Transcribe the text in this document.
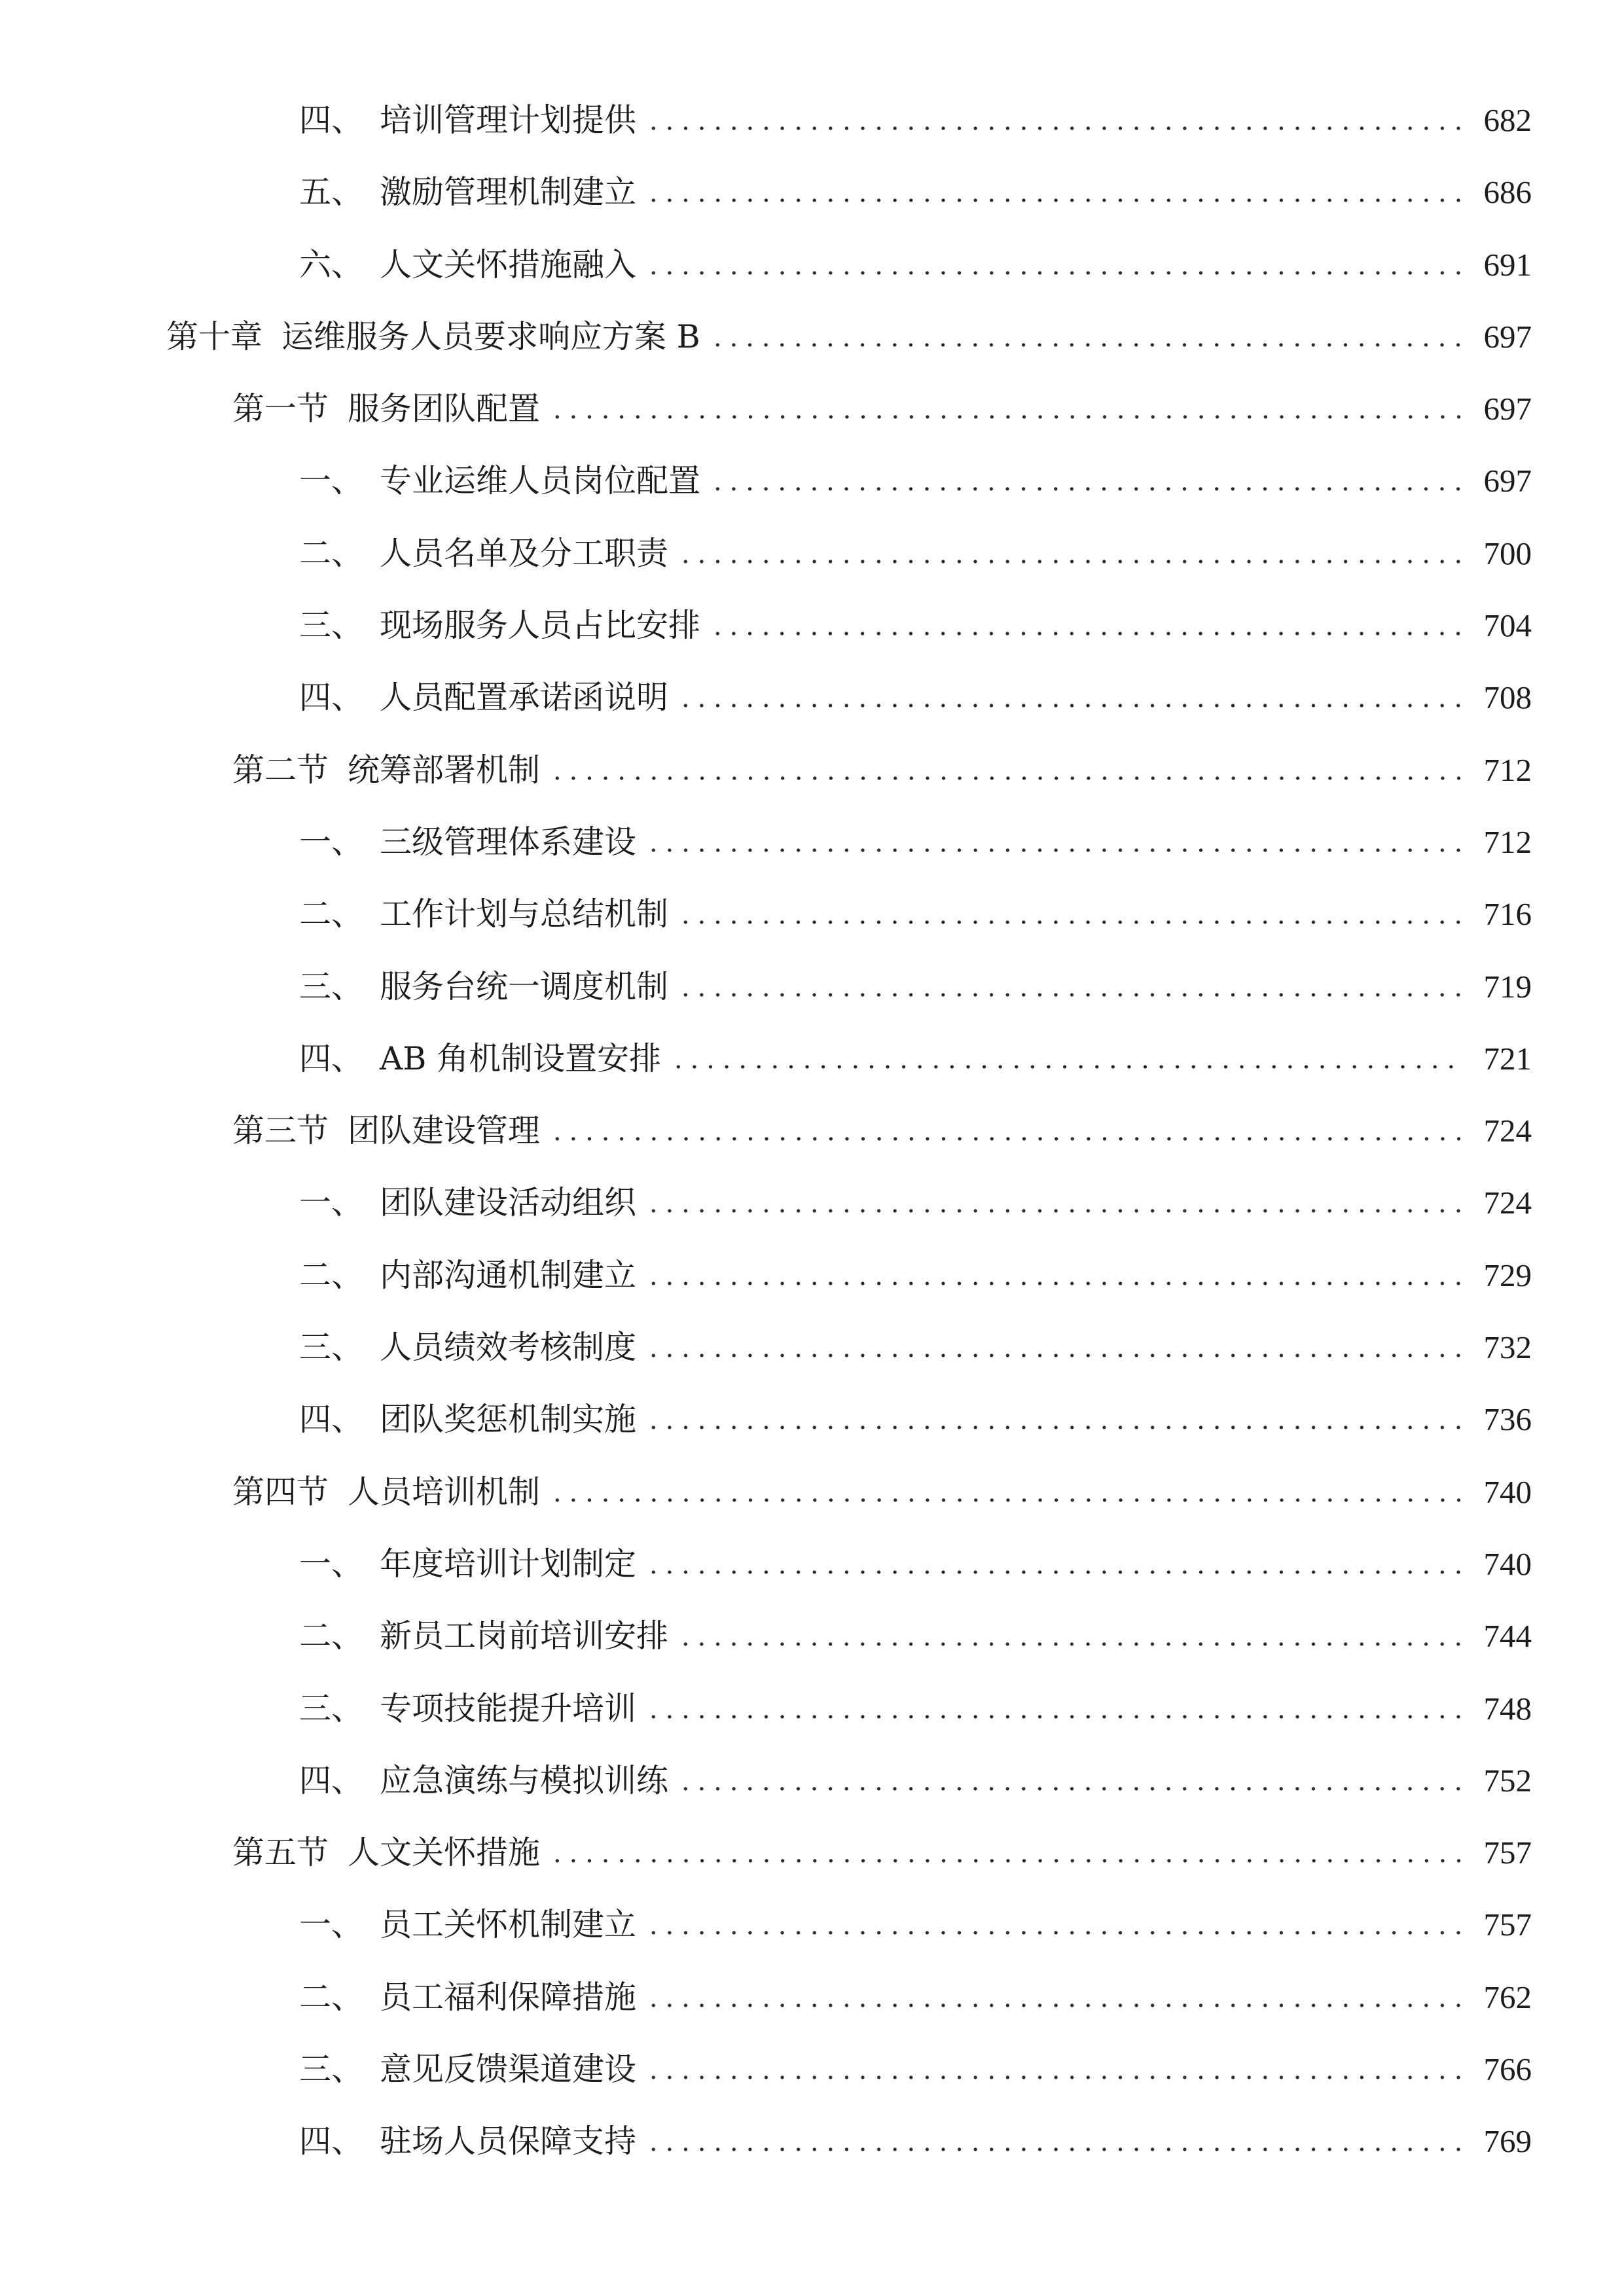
四、 培训管理计划提供	682
五、 激励管理机制建立	686
六、 人文关怀措施融入	691
第十章 运维服务人员要求响应方案 B	697
第一节 服务团队配置	697
一、 专业运维人员岗位配置	697
二、 人员名单及分工职责	700
三、 现场服务人员占比安排	704
四、 人员配置承诺函说明	708
第二节 统筹部署机制	712
一、 三级管理体系建设	712
二、 工作计划与总结机制	716
三、 服务台统一调度机制	719
四、 AB 角机制设置安排	721
第三节 团队建设管理	724
一、 团队建设活动组织	724
二、 内部沟通机制建立	729
三、 人员绩效考核制度	732
四、 团队奖惩机制实施	736
第四节 人员培训机制	740
一、 年度培训计划制定	740
二、 新员工岗前培训安排	744
三、 专项技能提升培训	748
四、 应急演练与模拟训练	752
第五节 人文关怀措施	757
一、 员工关怀机制建立	757
二、 员工福利保障措施	762
三、 意见反馈渠道建设	766
四、 驻场人员保障支持	769
